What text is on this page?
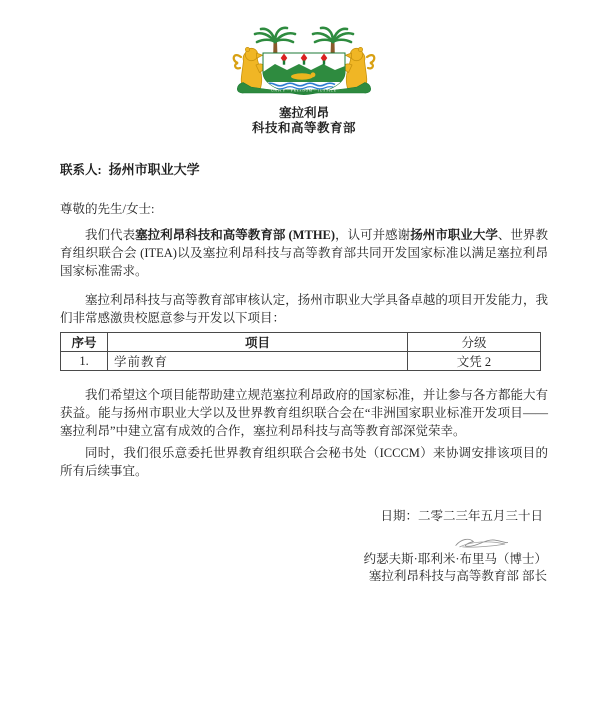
UNITY · FREEDOM · JUSTICE
塞拉利昂
科技和高等教育部

联系人: 扬州市职业大学

尊敬的先生/女士:

我们代表塞拉利昂科技和高等教育部 (MTHE)，认可并感谢扬州市职业大学、世界教育组织联合会 (ITEA)以及塞拉利昂科技与高等教育部共同开发国家标准以满足塞拉利昂国家标准需求。

塞拉利昂科技与高等教育部审核认定，扬州市职业大学具备卓越的项目开发能力，我们非常感激贵校愿意参与开发以下项目：

序号	项目	分级
1.	学前教育	文凭 2

我们希望这个项目能帮助建立规范塞拉利昂政府的国家标准，并让参与各方都能大有获益。能与扬州市职业大学以及世界教育组织联合会在“非洲国家职业标准开发项目——塞拉利昂”中建立富有成效的合作，塞拉利昂科技与高等教育部深觉荣幸。

同时，我们很乐意委托世界教育组织联合会秘书处（ICCCM）来协调安排该项目的所有后续事宜。

日期：二零二三年五月三十日
约瑟夫斯·耶利米·布里马（博士）
塞拉利昂科技与高等教育部 部长
